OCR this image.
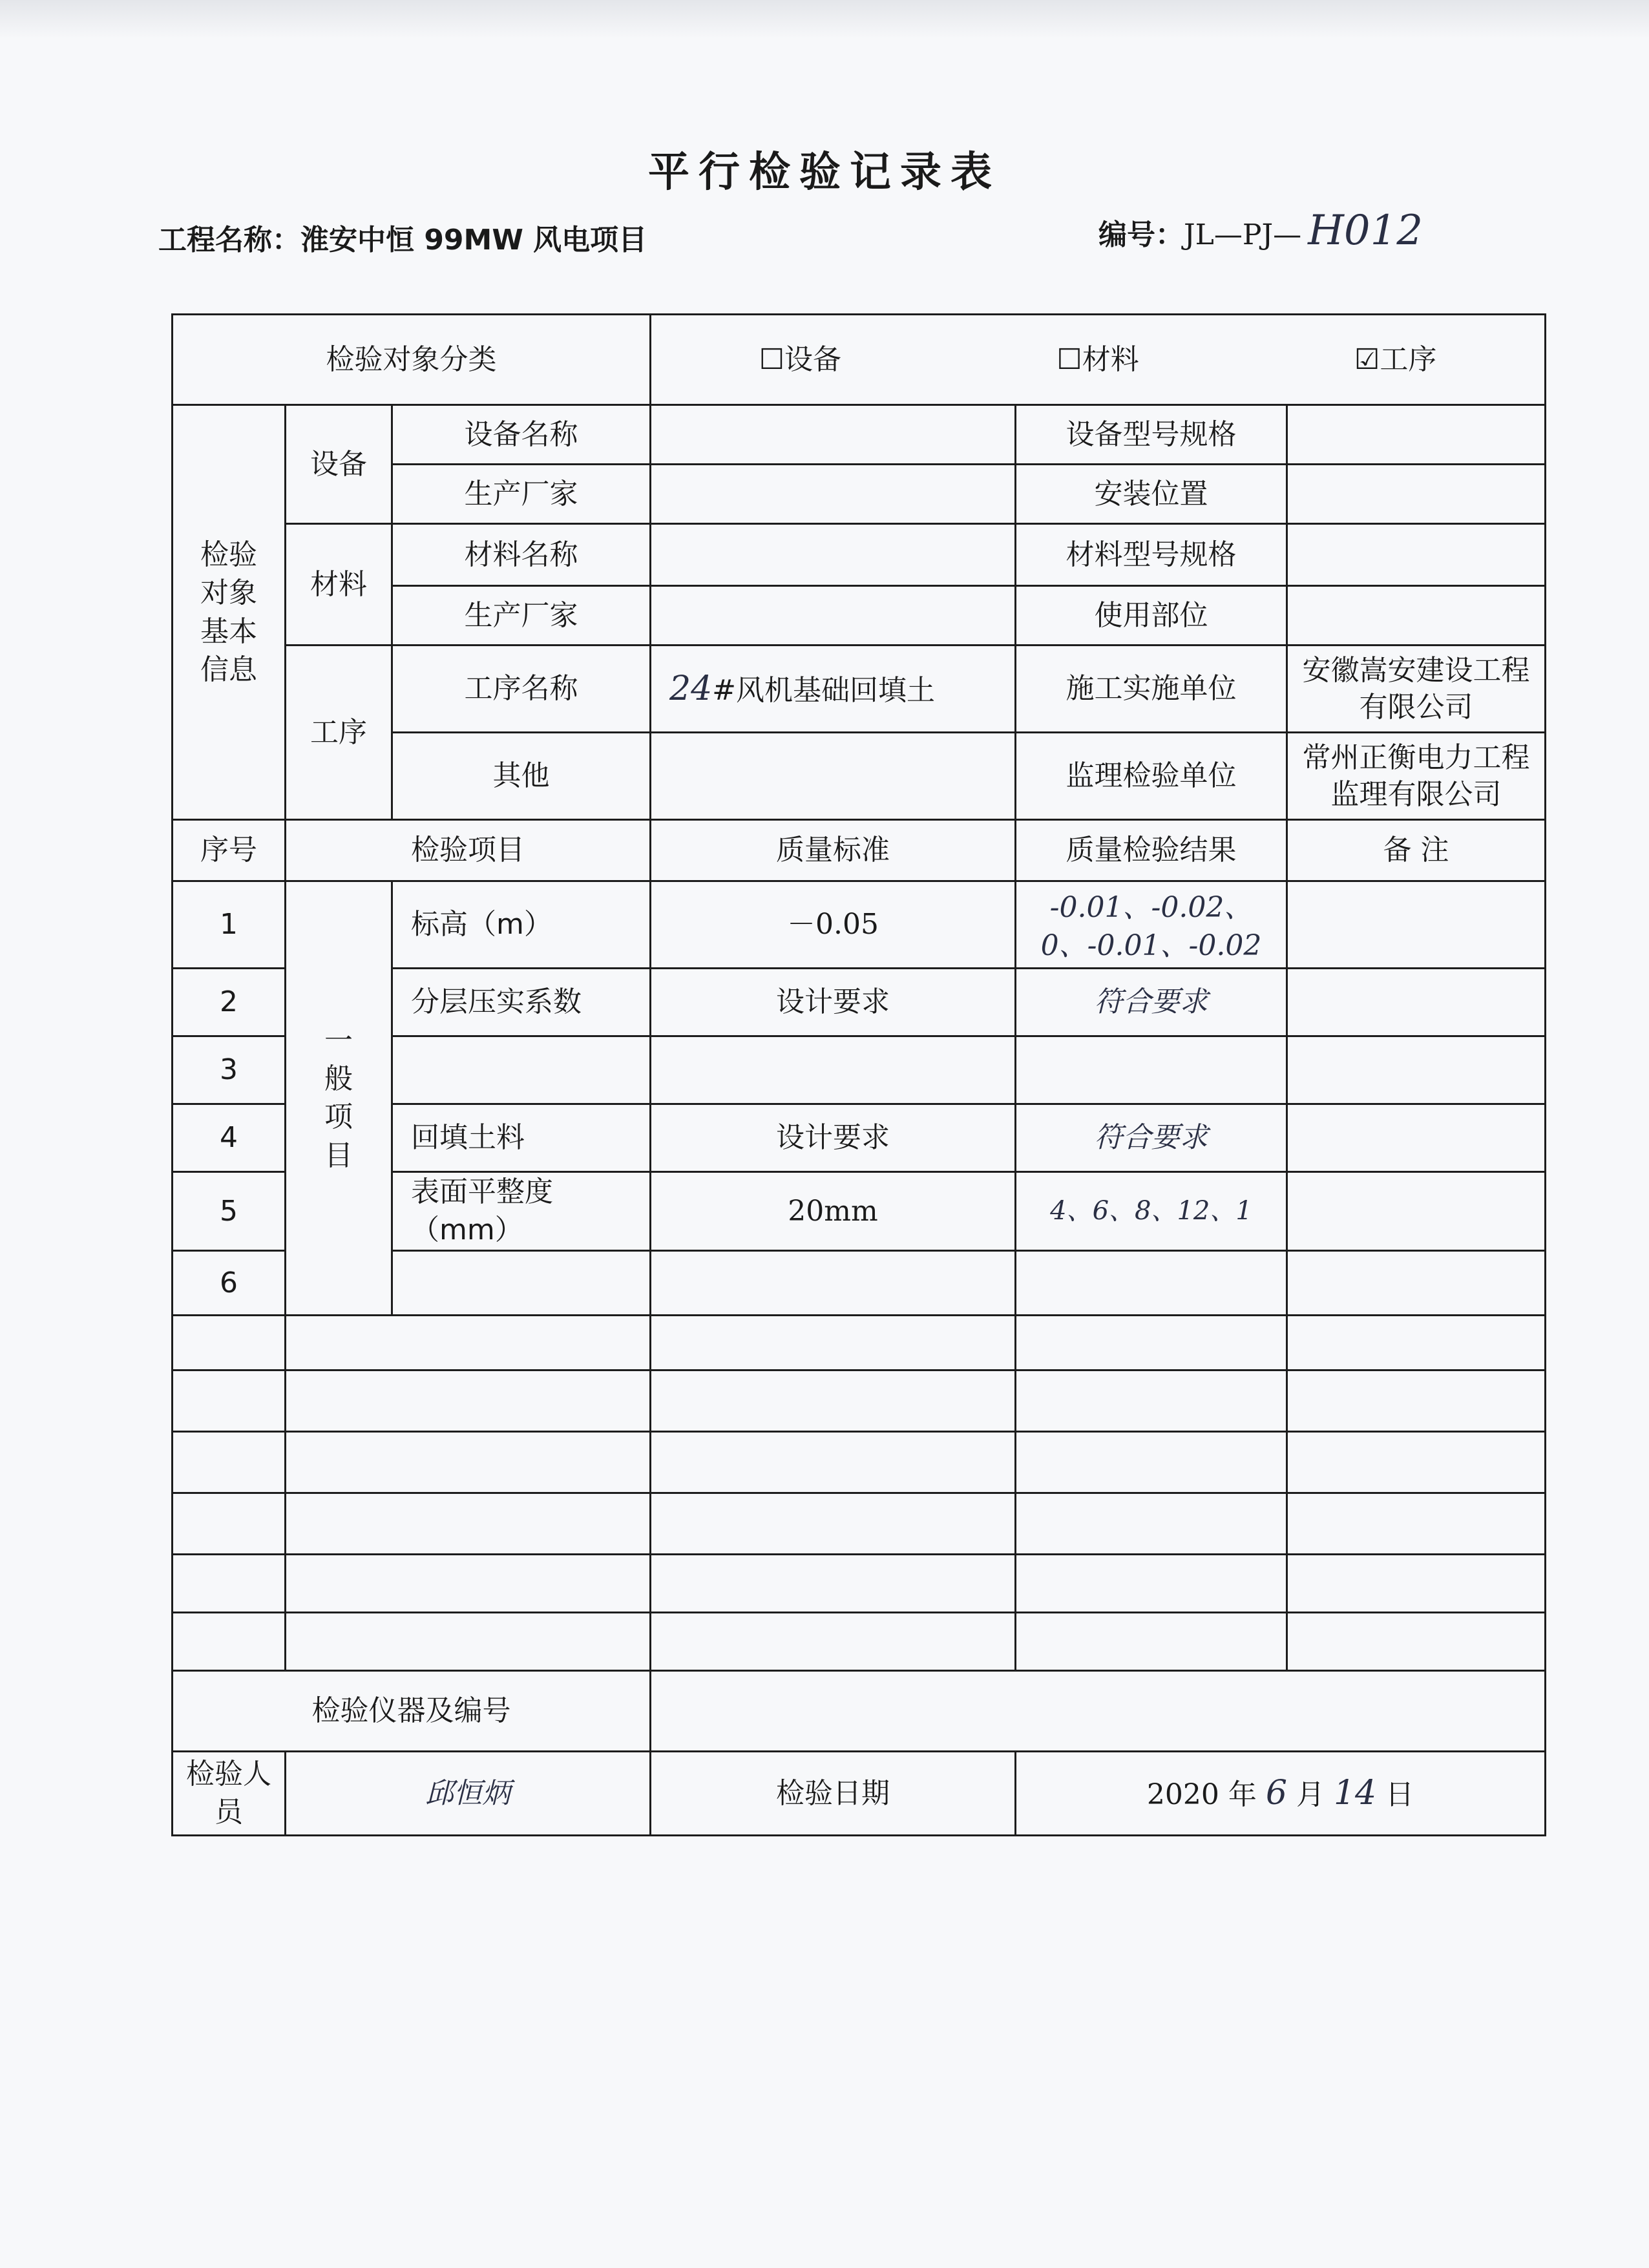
平行检验记录表
工程名称：淮安中恒 99MW 风电项目	编号：JL—PJ— H012
检验对象分类			☐设备 ☐材料 ☑工序		

检验对象基本信息	设备	设备名称		设备型号规格	
		生产厂家		安装位置	
	材料	材料名称		材料型号规格	
		生产厂家		使用部位	
	工序	工序名称	24#风机基础回填土	施工实施单位	安徽嵩安建设工程有限公司

		其他		监理检验单位	常州正衡电力工程监理有限公司

序号	检验项目		质量标准	质量检验结果	备 注
1	一般项目	标高（m）	－0.05	-0.01、-0.02、0、-0.01、-0.02	
2		分层压实系数	设计要求	符合要求	
3					
4		回填土料	设计要求	符合要求	
5		表面平整度（mm）	20mm	4、6、8、12、1	
6					

检验仪器及编号					
检验人员	邱恒炳		检验日期	2020 年 6 月 14 日	
